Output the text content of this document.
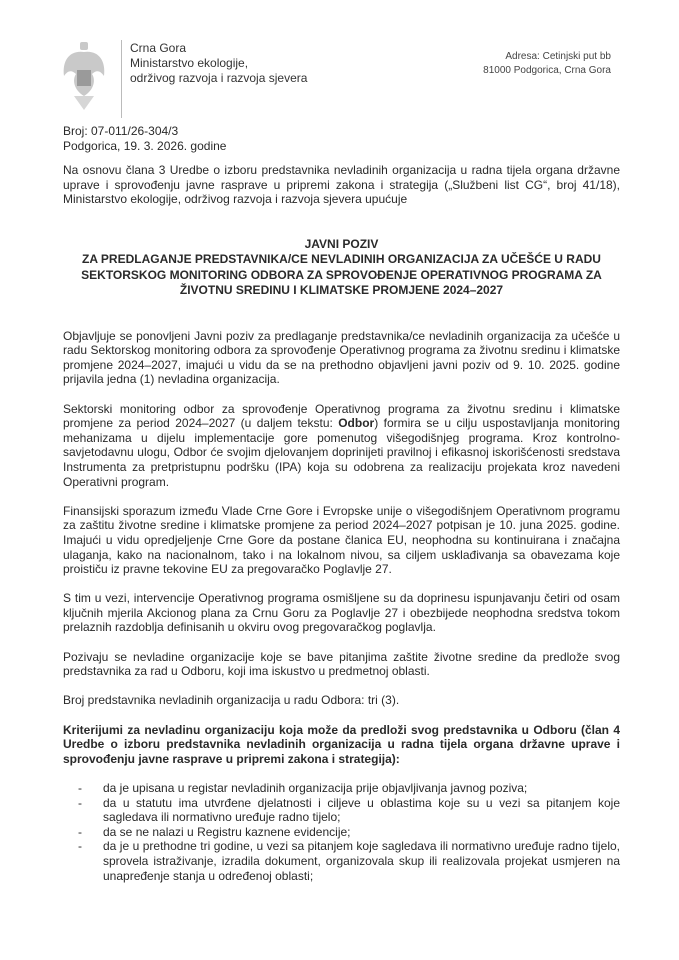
Crna Gora
Ministarstvo ekologije,
održivog razvoja i razvoja sjevera
Adresa: Cetinjski put bb
81000 Podgorica, Crna Gora
Broj: 07-011/26-304/3

Podgorica, 19. 3. 2026. godine

Na osnovu člana 3 Uredbe o izboru predstavnika nevladinih organizacija u radna tijela organa državne uprave i sprovođenju javne rasprave u pripremi zakona i strategija („Službeni list CG“, broj 41/18), Ministarstvo ekologije, održivog razvoja i razvoja sjevera upućuje

JAVNI POZIV
ZA PREDLAGANJE PREDSTAVNIKA/CE NEVLADINIH ORGANIZACIJA ZA UČEŠĆE U RADU
SEKTORSKOG MONITORING ODBORA ZA SPROVOĐENJE OPERATIVNOG PROGRAMA ZA
ŽIVOTNU SREDINU I KLIMATSKE PROMJENE 2024–2027

Objavljuje se ponovljeni Javni poziv za predlaganje predstavnika/ce nevladinih organizacija za učešće u radu Sektorskog monitoring odbora za sprovođenje Operativnog programa za životnu sredinu i klimatske promjene 2024–2027, imajući u vidu da se na prethodno objavljeni javni poziv od 9. 10. 2025. godine prijavila jedna (1) nevladina organizacija.

Sektorski monitoring odbor za sprovođenje Operativnog programa za životnu sredinu i klimatske promjene za period 2024–2027 (u daljem tekstu: Odbor) formira se u cilju uspostavljanja monitoring mehanizama u dijelu implementacije gore pomenutog višegodišnjeg programa. Kroz kontrolno-savjetodavnu ulogu, Odbor će svojim djelovanjem doprinijeti pravilnoj i efikasnoj iskorišćenosti sredstava Instrumenta za pretpristupnu podršku (IPA) koja su odobrena za realizaciju projekata kroz navedeni Operativni program.

Finansijski sporazum između Vlade Crne Gore i Evropske unije o višegodišnjem Operativnom programu za zaštitu životne sredine i klimatske promjene za period 2024–2027 potpisan je 10. juna 2025. godine. Imajući u vidu opredjeljenje Crne Gore da postane članica EU, neophodna su kontinuirana i značajna ulaganja, kako na nacionalnom, tako i na lokalnom nivou, sa ciljem usklađivanja sa obavezama koje proističu iz pravne tekovine EU za pregovaračko Poglavlje 27.

S tim u vezi, intervencije Operativnog programa osmišljene su da doprinesu ispunjavanju četiri od osam ključnih mjerila Akcionog plana za Crnu Goru za Poglavlje 27 i obezbijede neophodna sredstva tokom prelaznih razdoblja definisanih u okviru ovog pregovaračkog poglavlja.

Pozivaju se nevladine organizacije koje se bave pitanjima zaštite životne sredine da predlože svog predstavnika za rad u Odboru, koji ima iskustvo u predmetnoj oblasti.

Broj predstavnika nevladinih organizacija u radu Odbora: tri (3).

Kriterijumi za nevladinu organizaciju koja može da predloži svog predstavnika u Odboru (član 4 Uredbe o izboru predstavnika nevladinih organizacija u radna tijela organa državne uprave i sprovođenju javne rasprave u pripremi zakona i strategija):

- da je upisana u registar nevladinih organizacija prije objavljivanja javnog poziva;
- da u statutu ima utvrđene djelatnosti i ciljeve u oblastima koje su u vezi sa pitanjem koje sagledava ili normativno uređuje radno tijelo;
- da se ne nalazi u Registru kaznene evidencije;
- da je u prethodne tri godine, u vezi sa pitanjem koje sagledava ili normativno uređuje radno tijelo, sprovela istraživanje, izradila dokument, organizovala skup ili realizovala projekat usmjeren na unapređenje stanja u određenoj oblasti;
